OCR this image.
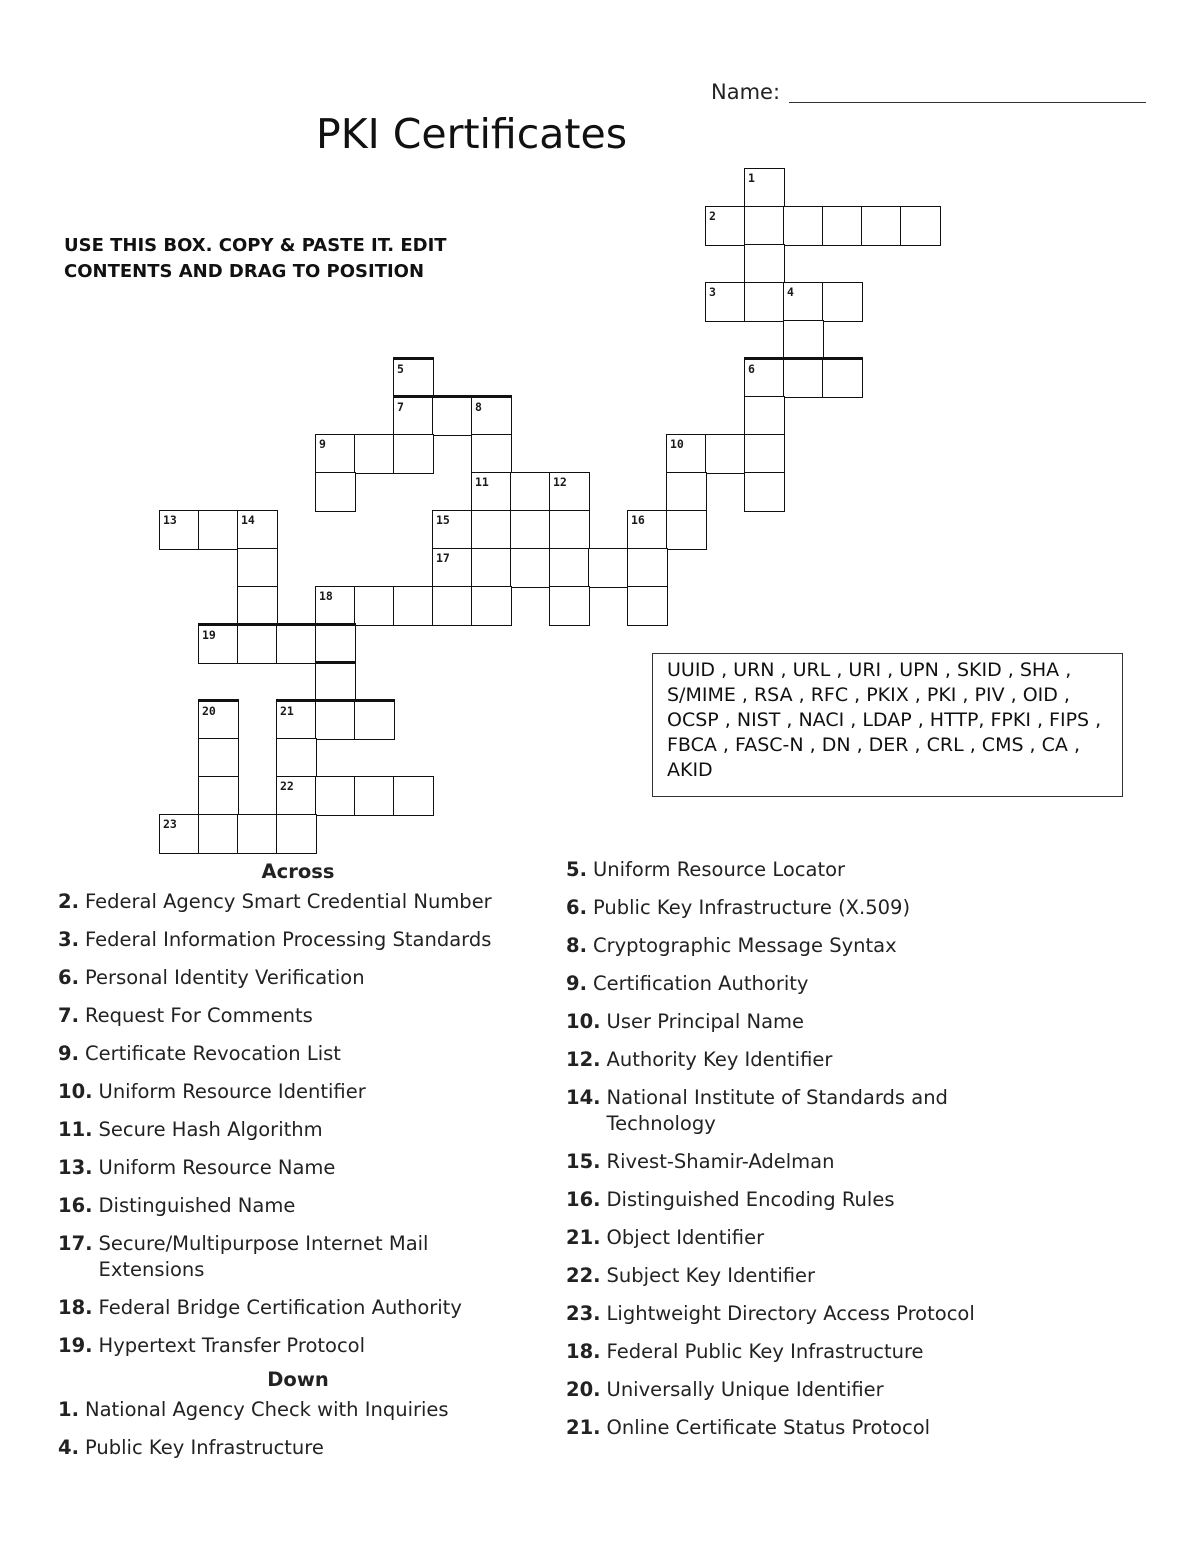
Name:
PKI Certificates
USE THIS BOX. COPY & PASTE IT. EDIT CONTENTS AND DRAG TO POSITION
1
2
3	4
5	6
7	8
9	10
11	12
13	14	15	16
17
18
19
20	21
22
23
UUID , URN , URL , URI , UPN , SKID , SHA , S/MIME , RSA , RFC , PKIX , PKI , PIV , OID , OCSP , NIST , NACI , LDAP , HTTP, FPKI , FIPS , FBCA , FASC-N , DN , DER , CRL , CMS , CA , AKID
Across
2. Federal Agency Smart Credential Number
3. Federal Information Processing Standards
6. Personal Identity Verification
7. Request For Comments
9. Certificate Revocation List
10. Uniform Resource Identifier
11. Secure Hash Algorithm
13. Uniform Resource Name
16. Distinguished Name
17. Secure/Multipurpose Internet Mail Extensions
18. Federal Bridge Certification Authority
19. Hypertext Transfer Protocol
Down
1. National Agency Check with Inquiries
4. Public Key Infrastructure
5. Uniform Resource Locator
6. Public Key Infrastructure (X.509)
8. Cryptographic Message Syntax
9. Certification Authority
10. User Principal Name
12. Authority Key Identifier
14. National Institute of Standards and Technology
15. Rivest-Shamir-Adelman
16. Distinguished Encoding Rules
21. Object Identifier
22. Subject Key Identifier
23. Lightweight Directory Access Protocol
18. Federal Public Key Infrastructure
20. Universally Unique Identifier
21. Online Certificate Status Protocol
